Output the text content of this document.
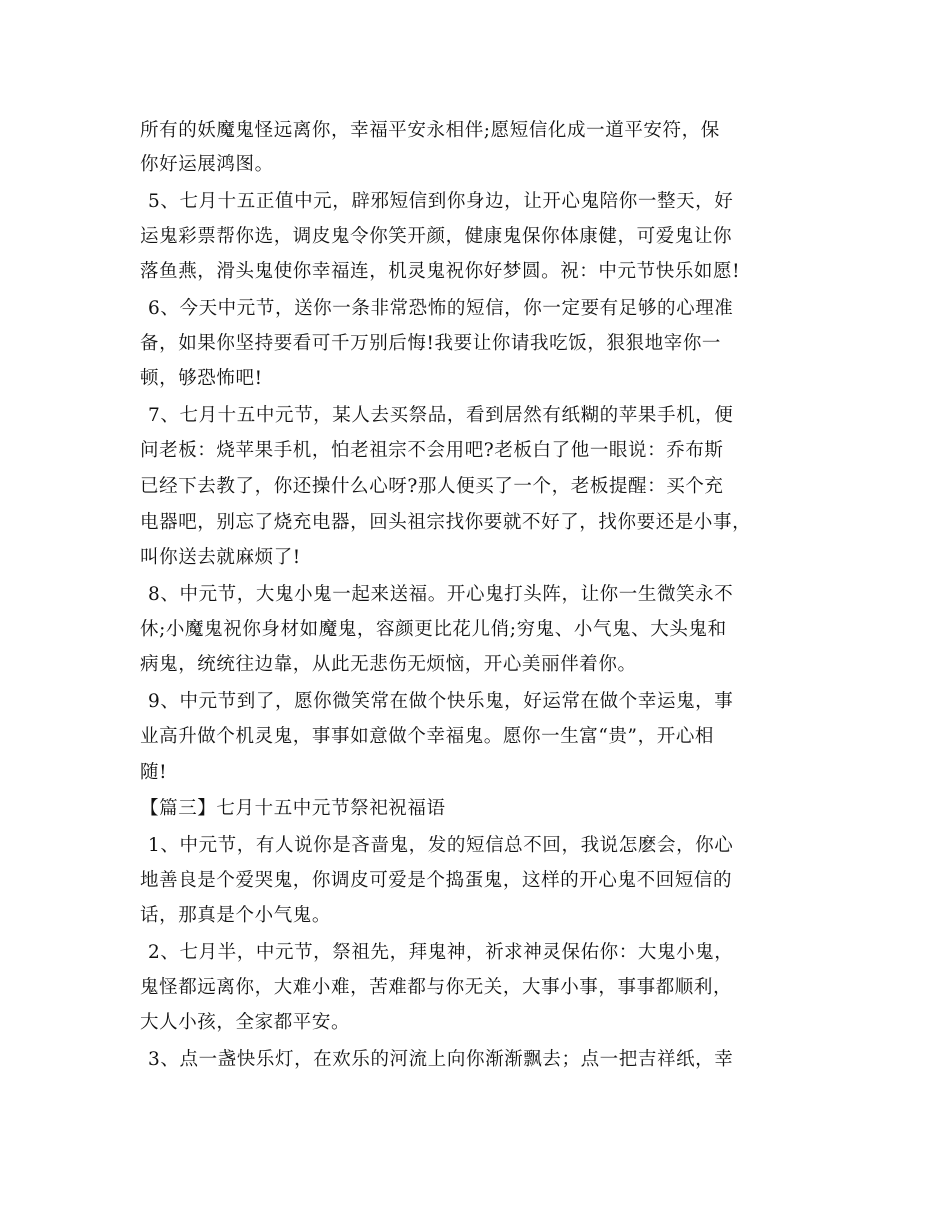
所有的妖魔鬼怪远离你，幸福平安永相伴;愿短信化成一道平安符，保
你好运展鸿图。
5、七月十五正值中元，辟邪短信到你身边，让开心鬼陪你一整天，好
运鬼彩票帮你选，调皮鬼令你笑开颜，健康鬼保你体康健，可爱鬼让你
落鱼燕，滑头鬼使你幸福连，机灵鬼祝你好梦圆。祝：中元节快乐如愿!
6、今天中元节，送你一条非常恐怖的短信，你一定要有足够的心理准
备，如果你坚持要看可千万别后悔!我要让你请我吃饭，狠狠地宰你一
顿，够恐怖吧!
7、七月十五中元节，某人去买祭品，看到居然有纸糊的苹果手机，便
问老板：烧苹果手机，怕老祖宗不会用吧?老板白了他一眼说：乔布斯
已经下去教了，你还操什么心呀?那人便买了一个，老板提醒：买个充
电器吧，别忘了烧充电器，回头祖宗找你要就不好了，找你要还是小事，
叫你送去就麻烦了!
8、中元节，大鬼小鬼一起来送福。开心鬼打头阵，让你一生微笑永不
休;小魔鬼祝你身材如魔鬼，容颜更比花儿俏;穷鬼、小气鬼、大头鬼和
病鬼，统统往边靠，从此无悲伤无烦恼，开心美丽伴着你。
9、中元节到了，愿你微笑常在做个快乐鬼，好运常在做个幸运鬼，事
业高升做个机灵鬼，事事如意做个幸福鬼。愿你一生富“贵”，开心相
随!
【篇三】七月十五中元节祭祀祝福语
1、中元节，有人说你是吝啬鬼，发的短信总不回，我说怎麽会，你心
地善良是个爱哭鬼，你调皮可爱是个捣蛋鬼，这样的开心鬼不回短信的
话，那真是个小气鬼。
2、七月半，中元节，祭祖先，拜鬼神，祈求神灵保佑你：大鬼小鬼，
鬼怪都远离你，大难小难，苦难都与你无关，大事小事，事事都顺利，
大人小孩，全家都平安。
3、点一盏快乐灯，在欢乐的河流上向你渐渐飘去；点一把吉祥纸，幸
